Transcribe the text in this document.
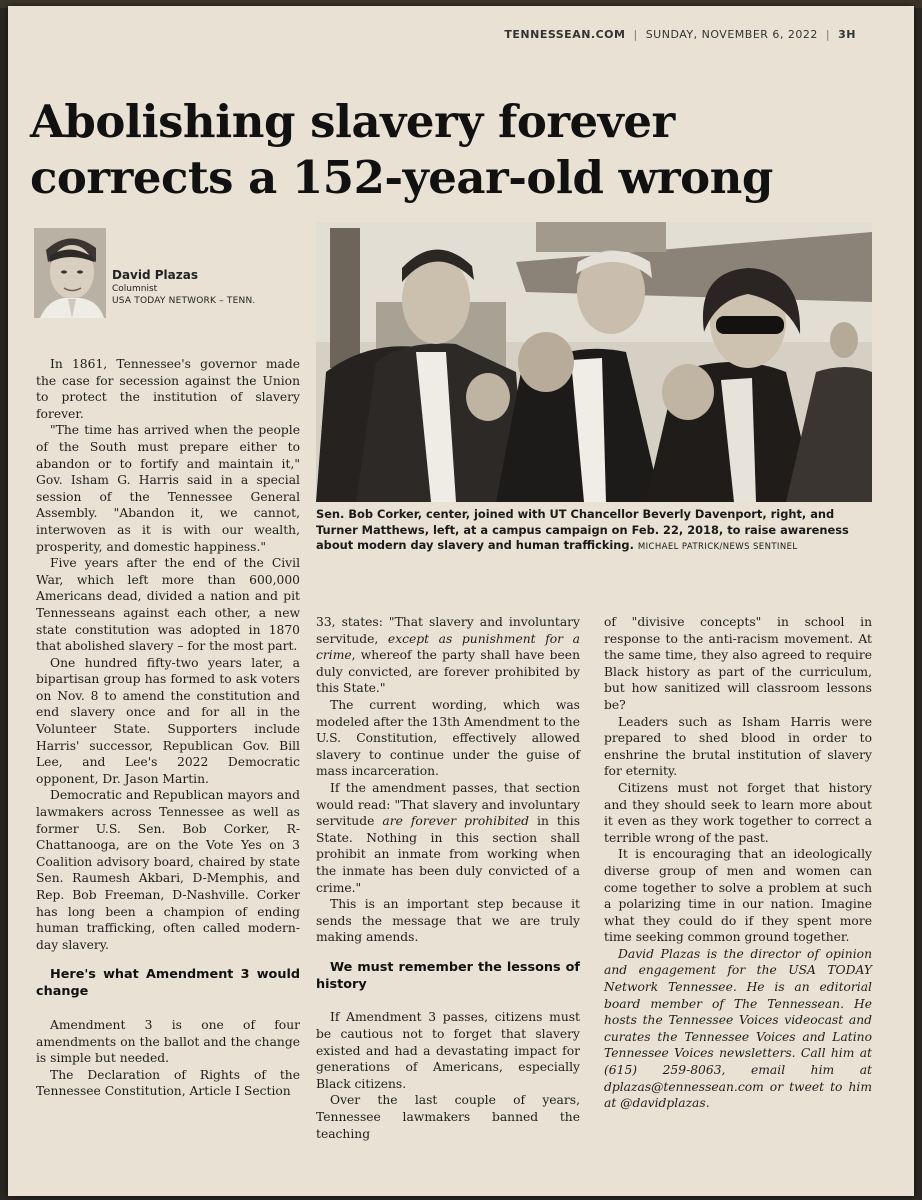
TENNESSEAN.COM | SUNDAY, NOVEMBER 6, 2022 | 3H
Abolishing slavery forever
corrects a 152-year-old wrong
David Plazas
Columnist
USA TODAY NETWORK – TENN.
Sen. Bob Corker, center, joined with UT Chancellor Beverly Davenport, right, and Turner Matthews, left, at a campus campaign on Feb. 22, 2018, to raise awareness about modern day slavery and human trafficking. MICHAEL PATRICK/NEWS SENTINEL

In 1861, Tennessee's governor made the case for secession against the Union to protect the institution of slavery forever.

"The time has arrived when the people of the South must prepare either to abandon or to fortify and maintain it," Gov. Isham G. Harris said in a special session of the Tennessee General Assembly. "Abandon it, we cannot, interwoven as it is with our wealth, prosperity, and domestic happiness."

Five years after the end of the Civil War, which left more than 600,000 Americans dead, divided a nation and pit Tennesseans against each other, a new state constitution was adopted in 1870 that abolished slavery – for the most part.

One hundred fifty-two years later, a bipartisan group has formed to ask voters on Nov. 8 to amend the constitution and end slavery once and for all in the Volunteer State. Supporters include Harris' successor, Republican Gov. Bill Lee, and Lee's 2022 Democratic opponent, Dr. Jason Martin.

Democratic and Republican mayors and lawmakers across Tennessee as well as former U.S. Sen. Bob Corker, R-Chattanooga, are on the Vote Yes on 3 Coalition advisory board, chaired by state Sen. Raumesh Akbari, D-Memphis, and Rep. Bob Freeman, D-Nashville. Corker has long been a champion of ending human trafficking, often called modern-day slavery.

Here's what Amendment 3 would change

Amendment 3 is one of four amendments on the ballot and the change is simple but needed.

The Declaration of Rights of the Tennessee Constitution, Article I Section

33, states: "That slavery and involuntary servitude, except as punishment for a crime, whereof the party shall have been duly convicted, are forever prohibited by this State."

The current wording, which was modeled after the 13th Amendment to the U.S. Constitution, effectively allowed slavery to continue under the guise of mass incarceration.

If the amendment passes, that section would read: "That slavery and involuntary servitude are forever prohibited in this State. Nothing in this section shall prohibit an inmate from working when the inmate has been duly convicted of a crime."

This is an important step because it sends the message that we are truly making amends.

We must remember the lessons of history

If Amendment 3 passes, citizens must be cautious not to forget that slavery existed and had a devastating impact for generations of Americans, especially Black citizens.

Over the last couple of years, Tennessee lawmakers banned the teaching

of "divisive concepts" in school in response to the anti-racism movement. At the same time, they also agreed to require Black history as part of the curriculum, but how sanitized will classroom lessons be?

Leaders such as Isham Harris were prepared to shed blood in order to enshrine the brutal institution of slavery for eternity.

Citizens must not forget that history and they should seek to learn more about it even as they work together to correct a terrible wrong of the past.

It is encouraging that an ideologically diverse group of men and women can come together to solve a problem at such a polarizing time in our nation. Imagine what they could do if they spent more time seeking common ground together.

David Plazas is the director of opinion and engagement for the USA TODAY Network Tennessee. He is an editorial board member of The Tennessean. He hosts the Tennessee Voices videocast and curates the Tennessee Voices and Latino Tennessee Voices newsletters. Call him at (615) 259-8063, email him at dplazas@tennessean.com or tweet to him at @davidplazas.
